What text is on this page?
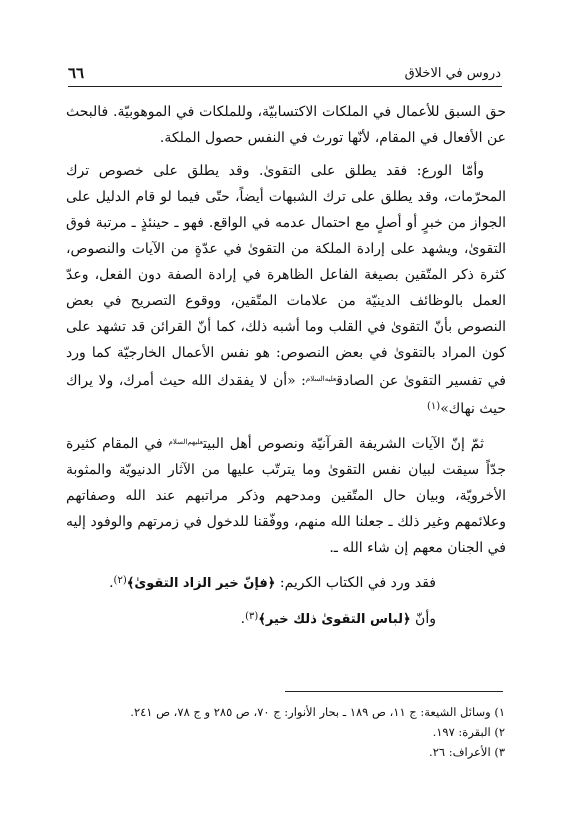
٦٦	دروس في الاخلاق

حق السبق للأعمال في الملكات الاكتسابيّة، وللملكات في الموهوبيّة. فالبحث عن الأفعال في المقام، لأنّها تورث في النفس حصول الملكة.

وأمّا الورع: فقد يطلق على التقوىٰ. وقد يطلق على خصوص ترك المحرّمات، وقد يطلق على ترك الشبهات أيضاً، حتّى فيما لو قام الدليل على الجواز من خبرٍ أو أصلٍ مع احتمال عدمه في الواقع. فهو ـ حينئذٍ ـ مرتبة فوق التقوىٰ، ويشهد على إرادة الملكة من التقوىٰ في عدّةٍ من الآيات والنصوص، كثرة ذكر المتّقين بصيغة الفاعل الظاهرة في إرادة الصفة دون الفعل، وعدّ العمل بالوظائف الدينيّة من علامات المتّقين، ووقوع التصريح في بعض النصوص بأنّ التقوىٰ في القلب وما أشبه ذلك، كما أنّ القرائن قد تشهد على كون المراد بالتقوىٰ في بعض النصوص: هو نفس الأعمال الخارجيّة كما ورد في تفسير التقوىٰ عن الصادق$^{عليه‌السلام}$: «أن لا يفقدك الله حيث أمرك، ولا يراك حيث نهاك»$^{(١)}$

ثمّ إنّ الآيات الشريفة القرآنيّة ونصوص أهل البيت$^{عليهم‌السلام}$ في المقام كثيرة جدّاً سيقت لبيان نفس التقوىٰ وما يترتّب عليها من الآثار الدنيويّة والمثوبة الأخرويّة، وبيان حال المتّقين ومدحهم وذكر مراتبهم عند الله وصفاتهم وعلائمهم وغير ذلك ـ جعلنا الله منهم، ووفّقنا للدخول في زمرتهم والوفود إليه في الجنان معهم إن شاء الله ـ.

فقد ورد في الكتاب الكريم: ﴿فإنّ خير الزاد التقوىٰ﴾$^{(٢)}$.

وأنّ ﴿لباس التقوىٰ ذلك خير﴾$^{(٣)}$.

١) وسائل الشيعة: ج ١١، ص ١٨٩ ـ بحار الأنوار: ج ٧٠، ص ٢٨٥ و ج ٧٨، ص ٢٤١.
٢) البقرة: ١٩٧.
٣) الأعراف: ٢٦.
